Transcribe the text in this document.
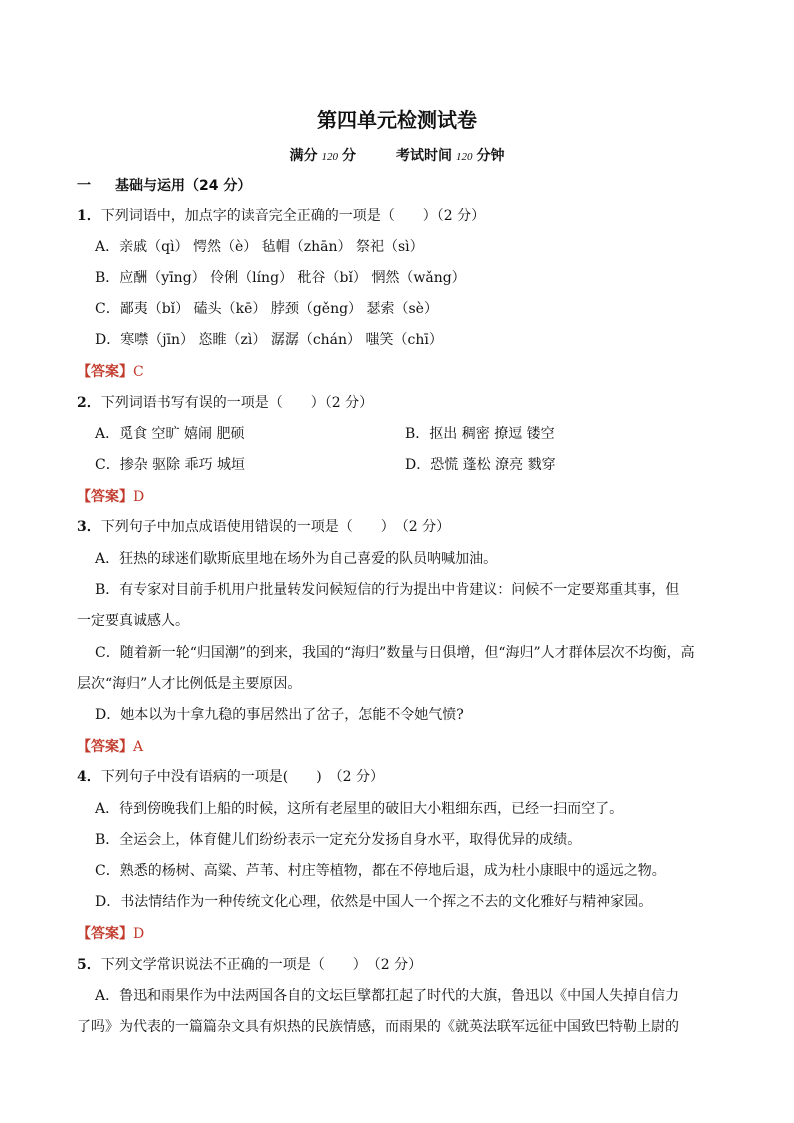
第四单元检测试卷
满分 120 分	考试时间 120 分钟
一 基础与运用（24 分）
1．下列词语中，加点字的读音完全正确的一项是（　　）（2 分）
A．亲戚（qì） 愕然（è） 毡帽（zhān） 祭祀（sì）
B．应酬（yīng） 伶俐（líng） 秕谷（bǐ） 惘然（wǎng）
C．鄙夷（bǐ） 磕头（kē） 脖颈（gěng） 瑟索（sè）
D．寒噤（jīn） 恣睢（zì） 潺潺（chán） 嗤笑（chī）
【答案】C
2．下列词语书写有误的一项是（　　）（2 分）
A．觅食 空旷 嬉闹 肥硕	B．抠出 稠密 撩逗 镂空
C．掺杂 驱除 乖巧 城垣	D．恐慌 蓬松 潦亮 戮穿
【答案】D
3．下列句子中加点成语使用错误的一项是（　　）　（2 分）
A．狂热的球迷们歇斯底里地在场外为自己喜爱的队员呐喊加油。
B．有专家对目前手机用户批量转发问候短信的行为提出中肯建议：问候不一定要郑重其事，但
一定要真诚感人。
C．随着新一轮“归国潮”的到来，我国的“海归”数量与日俱增，但“海归”人才群体层次不均衡，高
层次“海归”人才比例低是主要原因。
D．她本以为十拿九稳的事居然出了岔子，怎能不令她气愤?
【答案】A
4．下列句子中没有语病的一项是(　　)　（2 分）
A．待到傍晚我们上船的时候，这所有老屋里的破旧大小粗细东西，已经一扫而空了。
B．全运会上，体育健儿们纷纷表示一定充分发扬自身水平，取得优异的成绩。
C．熟悉的杨树、高粱、芦苇、村庄等植物，都在不停地后退，成为杜小康眼中的遥远之物。
D．书法情结作为一种传统文化心理，依然是中国人一个挥之不去的文化雅好与精神家园。
【答案】D
5．下列文学常识说法不正确的一项是（　　）　（2 分）
A．鲁迅和雨果作为中法两国各自的文坛巨擘都扛起了时代的大旗，鲁迅以《中国人失掉自信力
了吗》为代表的一篇篇杂文具有炽热的民族情感，而雨果的《就英法联军远征中国致巴特勒上尉的
